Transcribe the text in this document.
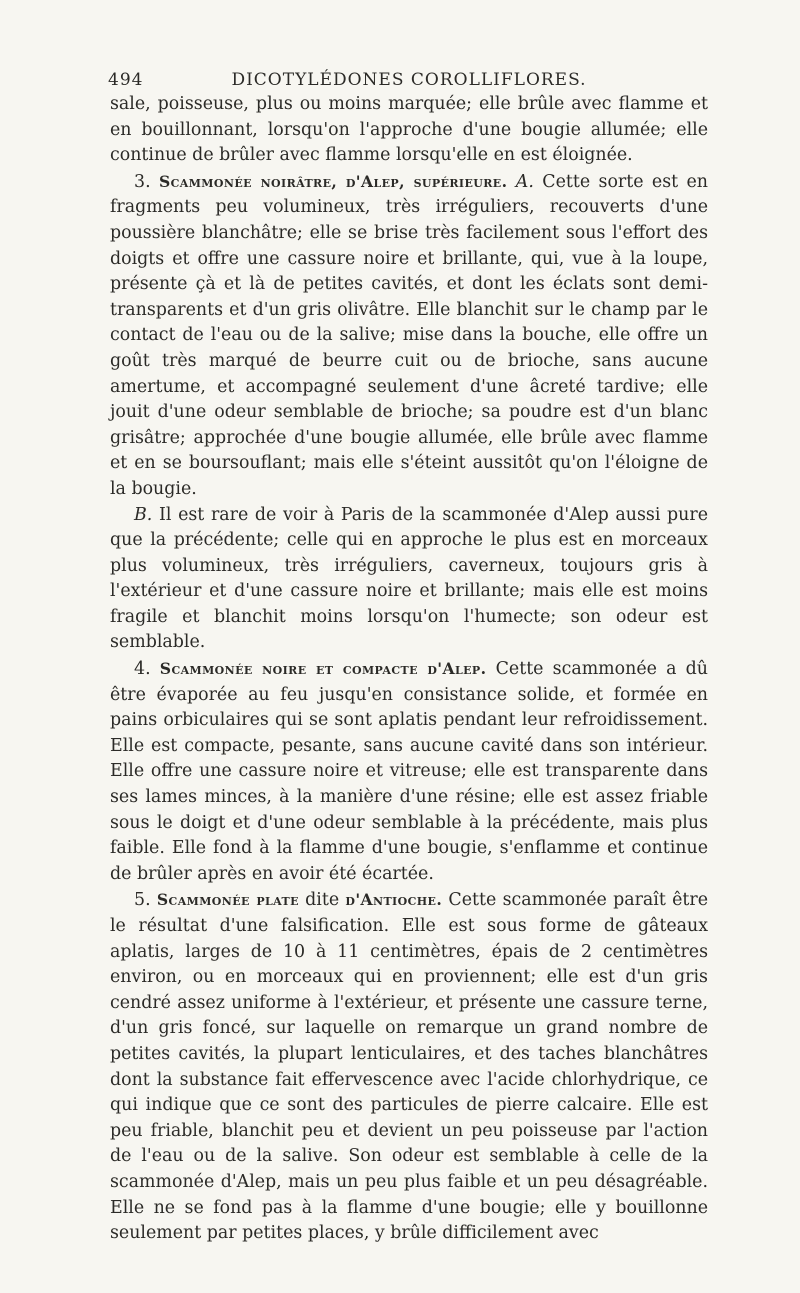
494	DICOTYLÉDONES COROLLIFLORES.

sale, poisseuse, plus ou moins marquée; elle brûle avec flamme et en bouillonnant, lorsqu'on l'approche d'une bougie allumée; elle continue de brûler avec flamme lorsqu'elle en est éloignée.

3. Scammonée noirâtre, d'Alep, supérieure. A. Cette sorte est en fragments peu volumineux, très irréguliers, recouverts d'une poussière blanchâtre; elle se brise très facilement sous l'effort des doigts et offre une cassure noire et brillante, qui, vue à la loupe, présente çà et là de petites cavités, et dont les éclats sont demi-transparents et d'un gris olivâtre. Elle blanchit sur le champ par le contact de l'eau ou de la salive; mise dans la bouche, elle offre un goût très marqué de beurre cuit ou de brioche, sans aucune amertume, et accompagné seulement d'une âcreté tardive; elle jouit d'une odeur semblable de brioche; sa poudre est d'un blanc grisâtre; approchée d'une bougie allumée, elle brûle avec flamme et en se boursouflant; mais elle s'éteint aussitôt qu'on l'éloigne de la bougie.

B. Il est rare de voir à Paris de la scammonée d'Alep aussi pure que la précédente; celle qui en approche le plus est en morceaux plus volumineux, très irréguliers, caverneux, toujours gris à l'extérieur et d'une cassure noire et brillante; mais elle est moins fragile et blanchit moins lorsqu'on l'humecte; son odeur est semblable.

4. Scammonée noire et compacte d'Alep. Cette scammonée a dû être évaporée au feu jusqu'en consistance solide, et formée en pains orbiculaires qui se sont aplatis pendant leur refroidissement. Elle est compacte, pesante, sans aucune cavité dans son intérieur. Elle offre une cassure noire et vitreuse; elle est transparente dans ses lames minces, à la manière d'une résine; elle est assez friable sous le doigt et d'une odeur semblable à la précédente, mais plus faible. Elle fond à la flamme d'une bougie, s'enflamme et continue de brûler après en avoir été écartée.

5. Scammonée plate dite d'Antioche. Cette scammonée paraît être le résultat d'une falsification. Elle est sous forme de gâteaux aplatis, larges de 10 à 11 centimètres, épais de 2 centimètres environ, ou en morceaux qui en proviennent; elle est d'un gris cendré assez uniforme à l'extérieur, et présente une cassure terne, d'un gris foncé, sur laquelle on remarque un grand nombre de petites cavités, la plupart lenticulaires, et des taches blanchâtres dont la substance fait effervescence avec l'acide chlorhydrique, ce qui indique que ce sont des particules de pierre calcaire. Elle est peu friable, blanchit peu et devient un peu poisseuse par l'action de l'eau ou de la salive. Son odeur est semblable à celle de la scammonée d'Alep, mais un peu plus faible et un peu désagréable. Elle ne se fond pas à la flamme d'une bougie; elle y bouillonne seulement par petites places, y brûle difficilement avec
